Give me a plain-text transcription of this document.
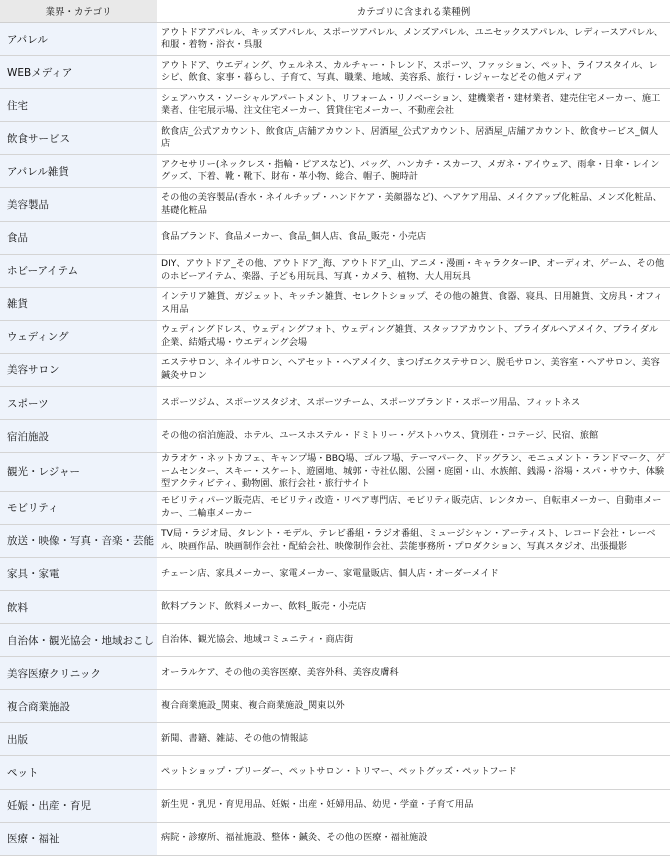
業界・カテゴリ	カテゴリに含まれる業種例
アパレル	アウトドアアパレル、キッズアパレル、スポーツアパレル、メンズアパレル、ユニセックスアパレル、レディースアパレル、和服・着物・浴衣・呉服
WEBメディア	アウトドア、ウエディング、ウェルネス、カルチャー・トレンド、スポーツ、ファッション、ペット、ライフスタイル、レシピ、飲食、家事・暮らし、子育て、写真、職業、地域、美容系、旅行・レジャーなどその他メディア
住宅	シェアハウス・ソーシャルアパートメント、リフォーム・リノベーション、建機業者・建材業者、建売住宅メーカー、施工業者、住宅展示場、注文住宅メーカー、賃貸住宅メーカー、不動産会社
飲食サービス	飲食店_公式アカウント、飲食店_店舗アカウント、居酒屋_公式アカウント、居酒屋_店舗アカウント、飲食サービス_個人店
アパレル雑貨	アクセサリー(ネックレス・指輪・ピアスなど)、バッグ、ハンカチ・スカーフ、メガネ・アイウェア、雨傘・日傘・レイングッズ、下着、靴・靴下、財布・革小物、総合、帽子、腕時計
美容製品	その他の美容製品(香水・ネイルチップ・ハンドケア・美顔器など)、ヘアケア用品、メイクアップ化粧品、メンズ化粧品、基礎化粧品
食品	食品ブランド、食品メーカー、食品_個人店、食品_販売・小売店
ホビーアイテム	DIY、アウトドア_その他、アウトドア_海、アウトドア_山、アニメ・漫画・キャラクターIP、オーディオ、ゲーム、その他のホビーアイテム、楽器、子ども用玩具、写真・カメラ、植物、大人用玩具
雑貨	インテリア雑貨、ガジェット、キッチン雑貨、セレクトショップ、その他の雑貨、食器、寝具、日用雑貨、文房具・オフィス用品
ウェディング	ウェディングドレス、ウェディングフォト、ウェディング雑貨、スタッフアカウント、ブライダルヘアメイク、ブライダル企業、結婚式場・ウエディング会場
美容サロン	エステサロン、ネイルサロン、ヘアセット・ヘアメイク、まつげエクステサロン、脱毛サロン、美容室・ヘアサロン、美容鍼灸サロン
スポーツ	スポーツジム、スポーツスタジオ、スポーツチーム、スポーツブランド・スポーツ用品、フィットネス
宿泊施設	その他の宿泊施設、ホテル、ユースホステル・ドミトリー・ゲストハウス、貸別荘・コテージ、民宿、旅館
観光・レジャー	カラオケ・ネットカフェ、キャンプ場・BBQ場、ゴルフ場、テーマパーク、ドッグラン、モニュメント・ランドマーク、ゲームセンター、スキー・スケート、遊園地、城郭・寺社仏閣、公園・庭園・山、水族館、銭湯・浴場・スパ・サウナ、体験型アクティビティ、動物園、旅行会社・旅行サイト
モビリティ	モビリティパーツ販売店、モビリティ改造・リペア専門店、モビリティ販売店、レンタカー、自転車メーカー、自動車メーカー、二輪車メーカー
放送・映像・写真・音楽・芸能	TV局・ラジオ局、タレント・モデル、テレビ番組・ラジオ番組、ミュージシャン・アーティスト、レコード会社・レーベル、映画作品、映画制作会社・配給会社、映像制作会社、芸能事務所・プロダクション、写真スタジオ、出張撮影
家具・家電	チェーン店、家具メーカー、家電メーカー、家電量販店、個人店・オーダーメイド
飲料	飲料ブランド、飲料メーカー、飲料_販売・小売店
自治体・観光協会・地域おこし	自治体、観光協会、地域コミュニティ・商店街
美容医療クリニック	オーラルケア、その他の美容医療、美容外科、美容皮膚科
複合商業施設	複合商業施設_関東、複合商業施設_関東以外
出版	新聞、書籍、雑誌、その他の情報誌
ペット	ペットショップ・ブリーダー、ペットサロン・トリマー、ペットグッズ・ペットフード
妊娠・出産・育児	新生児・乳児・育児用品、妊娠・出産・妊婦用品、幼児・学童・子育て用品
医療・福祉	病院・診療所、福祉施設、整体・鍼灸、その他の医療・福祉施設
